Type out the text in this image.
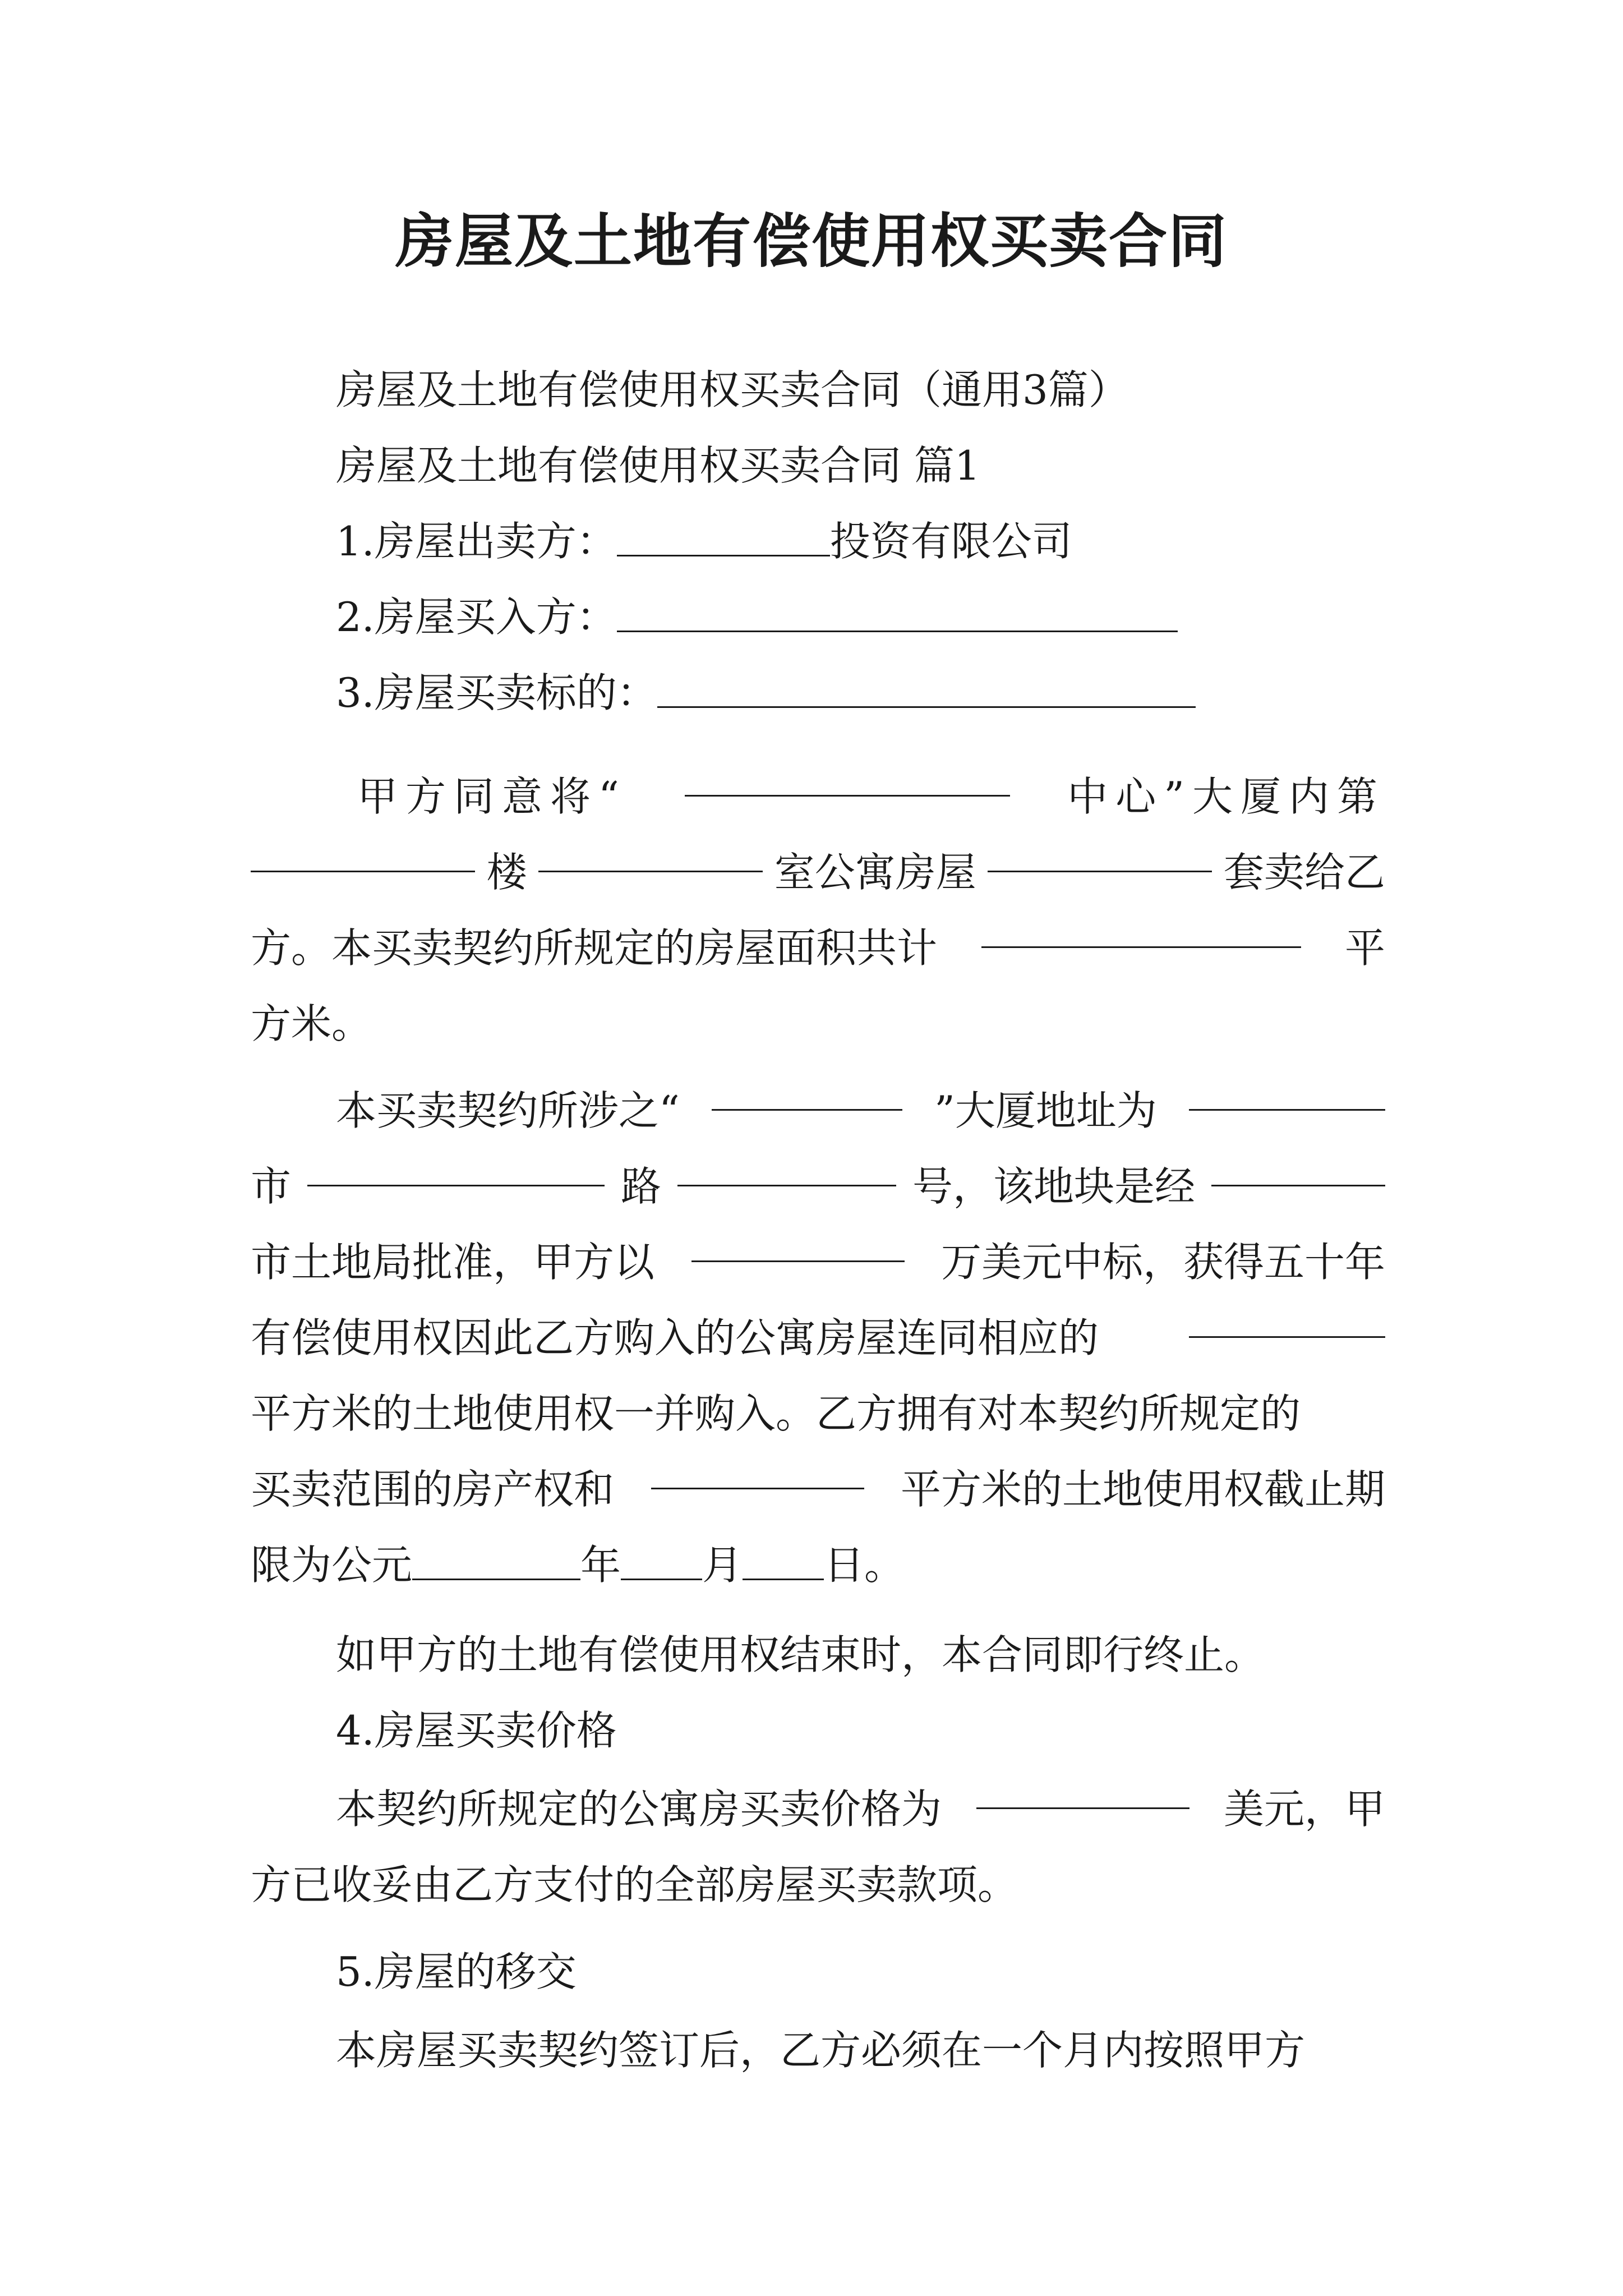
房屋及土地有偿使用权买卖合同
房屋及土地有偿使用权买卖合同（通用3篇）
房屋及土地有偿使用权买卖合同 篇1
1.房屋出卖方：	投资有限公司
2.房屋买入方：
3.房屋买卖标的：
甲方同意将“	中心”大厦内第
楼	室公寓房屋	套卖给乙
方。本买卖契约所规定的房屋面积共计	平
方米。
本买卖契约所涉之“	”大厦地址为
市	路	号，该地块是经
市土地局批准，甲方以	万美元中标，获得五十年
有偿使用权因此乙方购入的公寓房屋连同相应的
平方米的土地使用权一并购入。乙方拥有对本契约所规定的
买卖范围的房产权和	平方米的土地使用权截止期
限为公元	年 月 日。
如甲方的土地有偿使用权结束时，本合同即行终止。
4.房屋买卖价格
本契约所规定的公寓房买卖价格为	美元，甲
方已收妥由乙方支付的全部房屋买卖款项。
5.房屋的移交
本房屋买卖契约签订后，乙方必须在一个月内按照甲方
